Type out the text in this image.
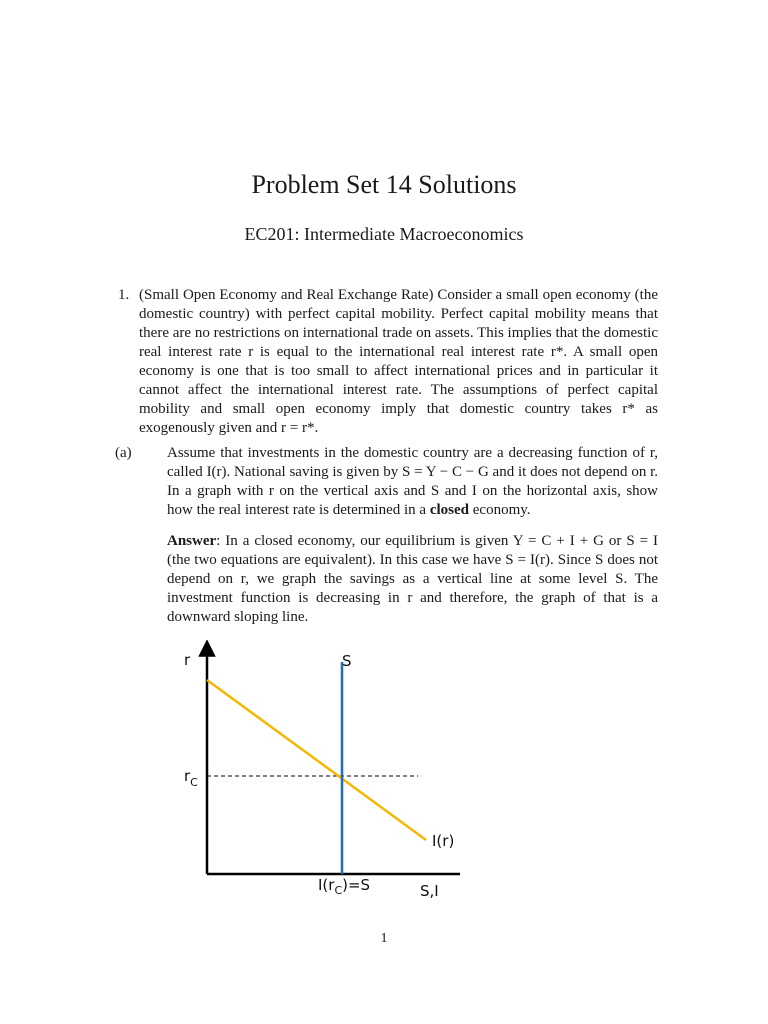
Problem Set 14 Solutions
EC201: Intermediate Macroeconomics
1. (Small Open Economy and Real Exchange Rate) Consider a small open economy (the domestic country) with perfect capital mobility. Perfect capital mobility means that there are no restrictions on international trade on assets. This implies that the domestic real interest rate r is equal to the international real interest rate r*. A small open economy is one that is too small to affect international prices and in particular it cannot affect the international interest rate. The assumptions of perfect capital mobility and small open economy imply that domestic country takes r* as exogenously given and r = r*.
(a) Assume that investments in the domestic country are a decreasing function of r, called I(r). National saving is given by S = Y − C − G and it does not depend on r. In a graph with r on the vertical axis and S and I on the horizontal axis, show how the real interest rate is determined in a closed economy.
Answer: In a closed economy, our equilibrium is given Y = C + I + G or S = I (the two equations are equivalent). In this case we have S = I(r). Since S does not depend on r, we graph the savings as a vertical line at some level S. The investment function is decreasing in r and therefore, the graph of that is a downward sloping line.
r	S
$r_C$
I(r)
$I(r_C)=S$	S,I
1
